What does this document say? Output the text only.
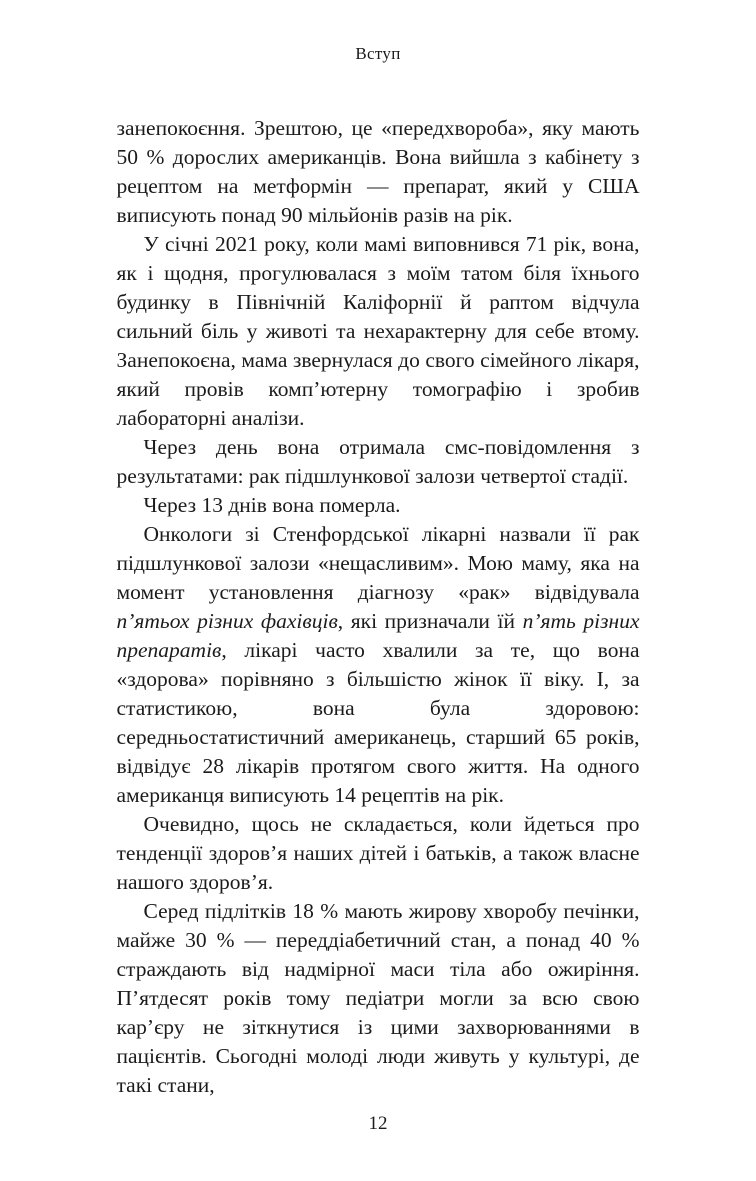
Вступ

занепокоєння. Зрештою, це «передхвороба», яку мають 50 % дорослих американців. Вона вийшла з кабінету з рецептом на метформін — препарат, який у США виписують понад 90 мільйонів разів на рік.

У січні 2021 року, коли мамі виповнився 71 рік, вона, як і щодня, прогулювалася з моїм татом біля їхнього будинку в Північній Каліфорнії й раптом відчула сильний біль у животі та нехарактерну для себе втому. Занепокоєна, мама звернулася до свого сімейного лікаря, який провів комп’ютерну томографію і зробив лабораторні аналізи.

Через день вона отримала смс-повідомлення з результатами: рак підшлункової залози четвертої стадії.

Через 13 днів вона померла.

Онкологи зі Стенфордської лікарні назвали її рак підшлункової залози «нещасливим». Мою маму, яка на момент установлення діагнозу «рак» відвідувала п’ятьох різних фахівців, які призначали їй п’ять різних препаратів, лікарі часто хвалили за те, що вона «здорова» порівняно з більшістю жінок її віку. І, за статистикою, вона була здоровою: середньостатистичний американець, старший 65 років, відвідує 28 лікарів протягом свого життя. На одного американця виписують 14 рецептів на рік.

Очевидно, щось не складається, коли йдеться про тенденції здоров’я наших дітей і батьків, а також власне нашого здоров’я.

Серед підлітків 18 % мають жирову хворобу печінки, майже 30 % — переддіабетичний стан, а понад 40 % страждають від надмірної маси тіла або ожиріння. П’ятдесят років тому педіатри могли за всю свою кар’єру не зіткнутися із цими захворюваннями в пацієнтів. Сьогодні молоді люди живуть у культурі, де такі стани,

12
